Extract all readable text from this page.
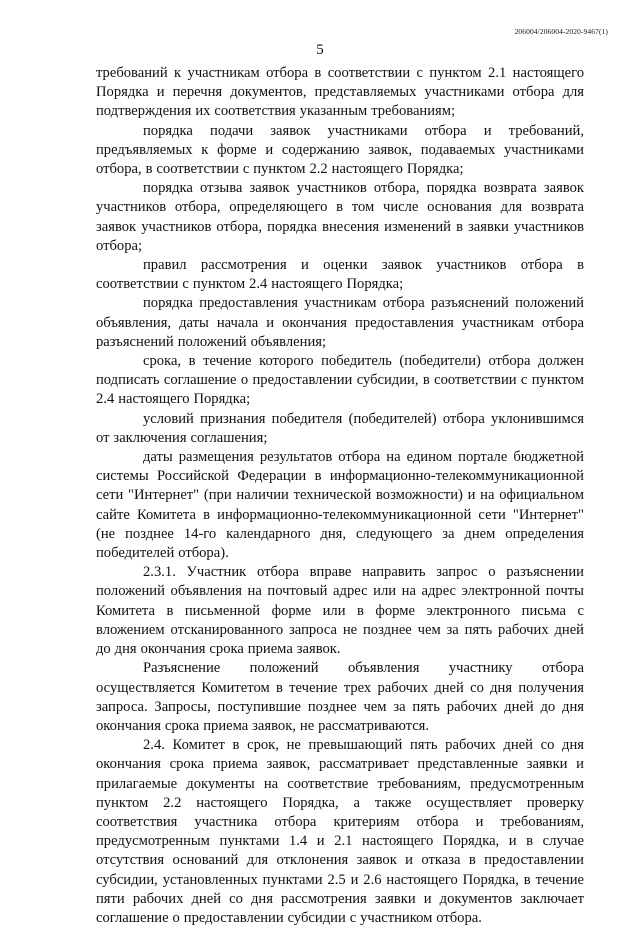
206004/206004-2020-9467(1)
5

требований к участникам отбора в соответствии с пунктом 2.1 настоящего Порядка и перечня документов, представляемых участниками отбора для подтверждения их соответствия указанным требованиям;

порядка подачи заявок участниками отбора и требований, предъявляемых к форме и содержанию заявок, подаваемых участниками отбора, в соответствии с пунктом 2.2 настоящего Порядка;

порядка отзыва заявок участников отбора, порядка возврата заявок участников отбора, определяющего в том числе основания для возврата заявок участников отбора, порядка внесения изменений в заявки участников отбора;

правил рассмотрения и оценки заявок участников отбора в соответствии с пунктом 2.4 настоящего Порядка;

порядка предоставления участникам отбора разъяснений положений объявления, даты начала и окончания предоставления участникам отбора разъяснений положений объявления;

срока, в течение которого победитель (победители) отбора должен подписать соглашение о предоставлении субсидии, в соответствии с пунктом 2.4 настоящего Порядка;

условий признания победителя (победителей) отбора уклонившимся от заключения соглашения;

даты размещения результатов отбора на едином портале бюджетной системы Российской Федерации в информационно-телекоммуникационной сети "Интернет" (при наличии технической возможности) и на официальном сайте Комитета в информационно-телекоммуникационной сети "Интернет" (не позднее 14-го календарного дня, следующего за днем определения победителей отбора).

2.3.1. Участник отбора вправе направить запрос о разъяснении положений объявления на почтовый адрес или на адрес электронной почты Комитета в письменной форме или в форме электронного письма с вложением отсканированного запроса не позднее чем за пять рабочих дней до дня окончания срока приема заявок.

Разъяснение положений объявления участнику отбора осуществляется Комитетом в течение трех рабочих дней со дня получения запроса. Запросы, поступившие позднее чем за пять рабочих дней до дня окончания срока приема заявок, не рассматриваются.

2.4. Комитет в срок, не превышающий пять рабочих дней со дня окончания срока приема заявок, рассматривает представленные заявки и прилагаемые документы на соответствие требованиям, предусмотренным пунктом 2.2 настоящего Порядка, а также осуществляет проверку соответствия участника отбора критериям отбора и требованиям, предусмотренным пунктами 1.4 и 2.1 настоящего Порядка, и в случае отсутствия оснований для отклонения заявок и отказа в предоставлении субсидии, установленных пунктами 2.5 и 2.6 настоящего Порядка, в течение пяти рабочих дней со дня рассмотрения заявки и документов заключает соглашение о предоставлении субсидии с участником отбора.
